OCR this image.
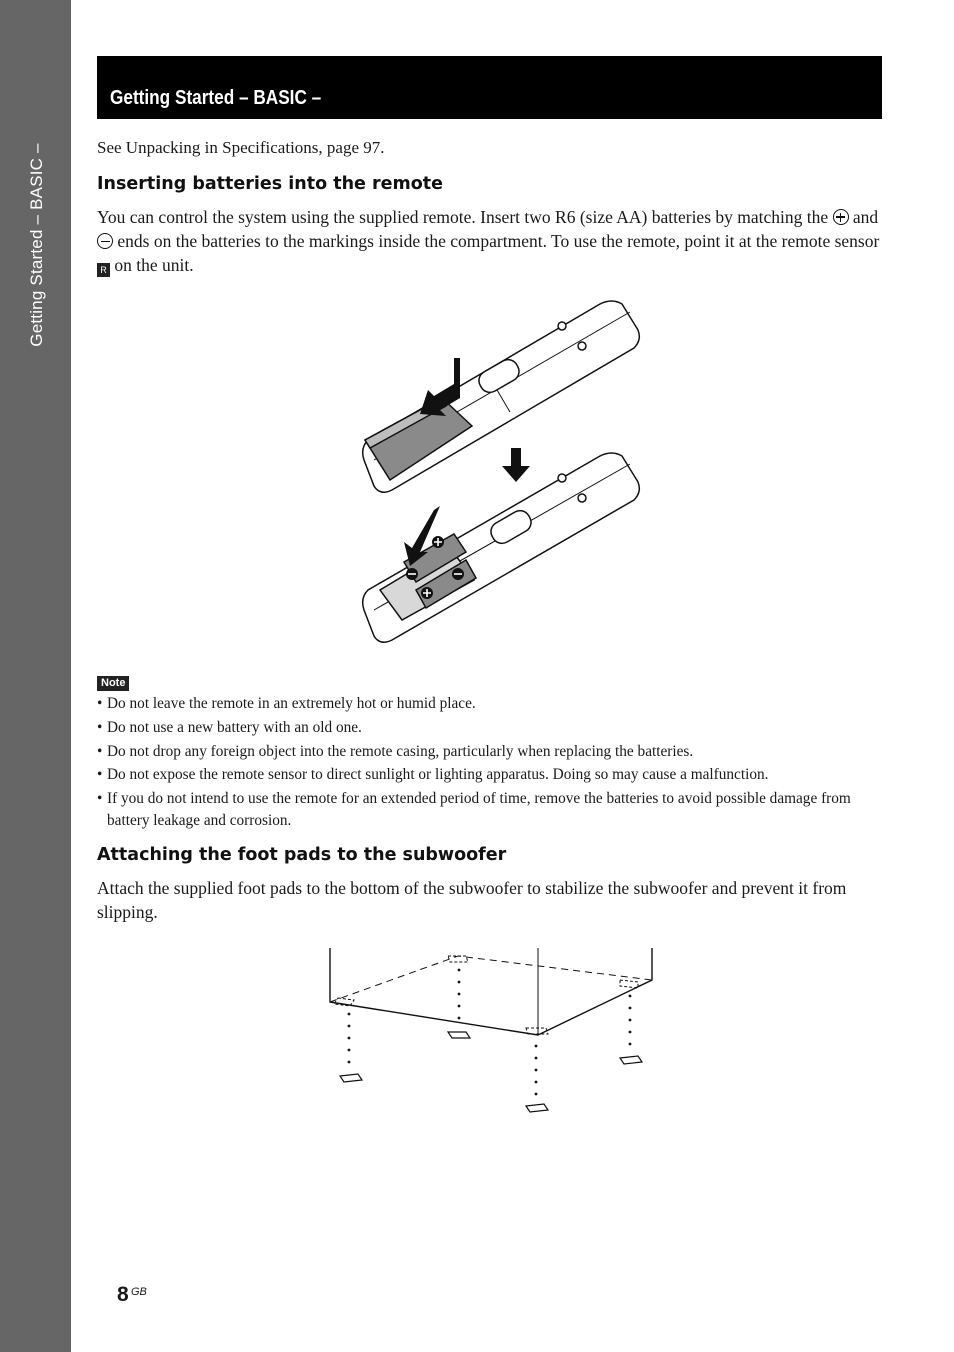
Getting Started – BASIC –
Getting Started – BASIC –
See Unpacking in Specifications, page 97.
Inserting batteries into the remote

You can control the system using the supplied remote. Insert two R6 (size AA) batteries by matching the and  ends on the batteries to the markings inside the compartment. To use the remote, point it at the remote sensor R on the unit.

Note
• Do not leave the remote in an extremely hot or humid place.
• Do not use a new battery with an old one.
• Do not drop any foreign object into the remote casing, particularly when replacing the batteries.
• Do not expose the remote sensor to direct sunlight or lighting apparatus. Doing so may cause a malfunction.
• If you do not intend to use the remote for an extended period of time, remove the batteries to avoid possible damage from battery leakage and corrosion.
Attaching the foot pads to the subwoofer

Attach the supplied foot pads to the bottom of the subwoofer to stabilize the subwoofer and prevent it from slipping.

8 GB
